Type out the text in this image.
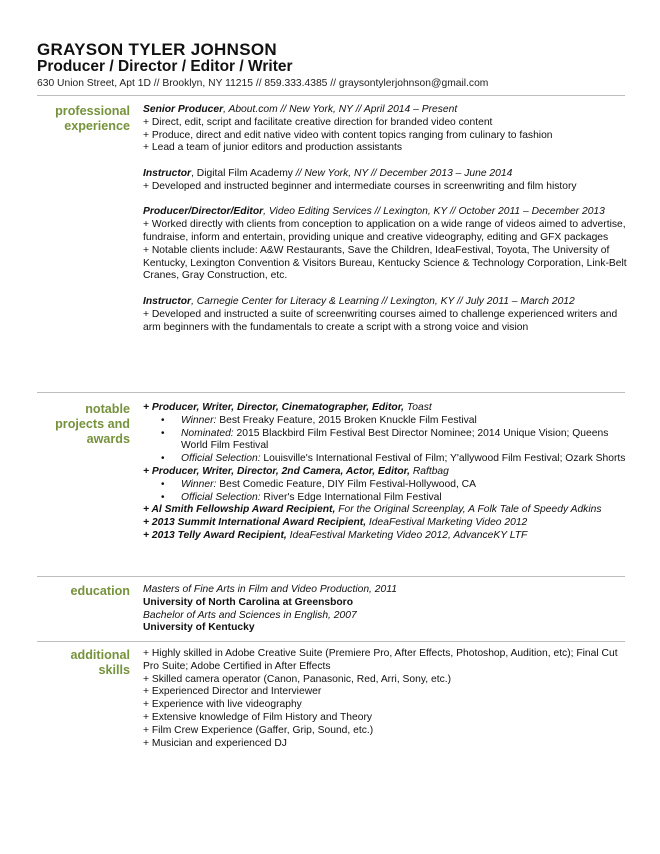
GRAYSON TYLER JOHNSON
Producer / Director / Editor / Writer
630 Union Street, Apt 1D // Brooklyn, NY 11215 // 859.333.4385 // graysontylerjohnson@gmail.com
professional
experience
Senior Producer, About.com // New York, NY // April 2014 – Present
+ Direct, edit, script and facilitate creative direction for branded video content
+ Produce, direct and edit native video with content topics ranging from culinary to fashion
+ Lead a team of junior editors and production assistants
Instructor, Digital Film Academy // New York, NY // December 2013 – June 2014
+ Developed and instructed beginner and intermediate courses in screenwriting and film history
Producer/Director/Editor, Video Editing Services // Lexington, KY // October 2011 – December 2013
+ Worked directly with clients from conception to application on a wide range of videos aimed to advertise, fundraise, inform and entertain, providing unique and creative videography, editing and GFX packages
+ Notable clients include: A&W Restaurants, Save the Children, IdeaFestival, Toyota, The University of Kentucky, Lexington Convention & Visitors Bureau, Kentucky Science & Technology Corporation, Link-Belt Cranes, Gray Construction, etc.
Instructor, Carnegie Center for Literacy & Learning // Lexington, KY // July 2011 – March 2012
+ Developed and instructed a suite of screenwriting courses aimed to challenge experienced writers and arm beginners with the fundamentals to create a script with a strong voice and vision
notable
projects and
awards
+ Producer, Writer, Director, Cinematographer, Editor, Toast
• Winner: Best Freaky Feature, 2015 Broken Knuckle Film Festival
• Nominated: 2015 Blackbird Film Festival Best Director Nominee; 2014 Unique Vision; Queens World Film Festival
• Official Selection: Louisville's International Festival of Film; Y'allywood Film Festival; Ozark Shorts
+ Producer, Writer, Director, 2nd Camera, Actor, Editor, Raftbag
• Winner: Best Comedic Feature, DIY Film Festival-Hollywood, CA
• Official Selection: River's Edge International Film Festival
+ Al Smith Fellowship Award Recipient, For the Original Screenplay, A Folk Tale of Speedy Adkins
+ 2013 Summit International Award Recipient, IdeaFestival Marketing Video 2012
+ 2013 Telly Award Recipient, IdeaFestival Marketing Video 2012, AdvanceKY LTF
education Masters of Fine Arts in Film and Video Production, 2011
University of North Carolina at Greensboro
Bachelor of Arts and Sciences in English, 2007
University of Kentucky
additional
skills
+ Highly skilled in Adobe Creative Suite (Premiere Pro, After Effects, Photoshop, Audition, etc); Final Cut Pro Suite; Adobe Certified in After Effects
+ Skilled camera operator (Canon, Panasonic, Red, Arri, Sony, etc.)
+ Experienced Director and Interviewer
+ Experience with live videography
+ Extensive knowledge of Film History and Theory
+ Film Crew Experience (Gaffer, Grip, Sound, etc.)
+ Musician and experienced DJ
